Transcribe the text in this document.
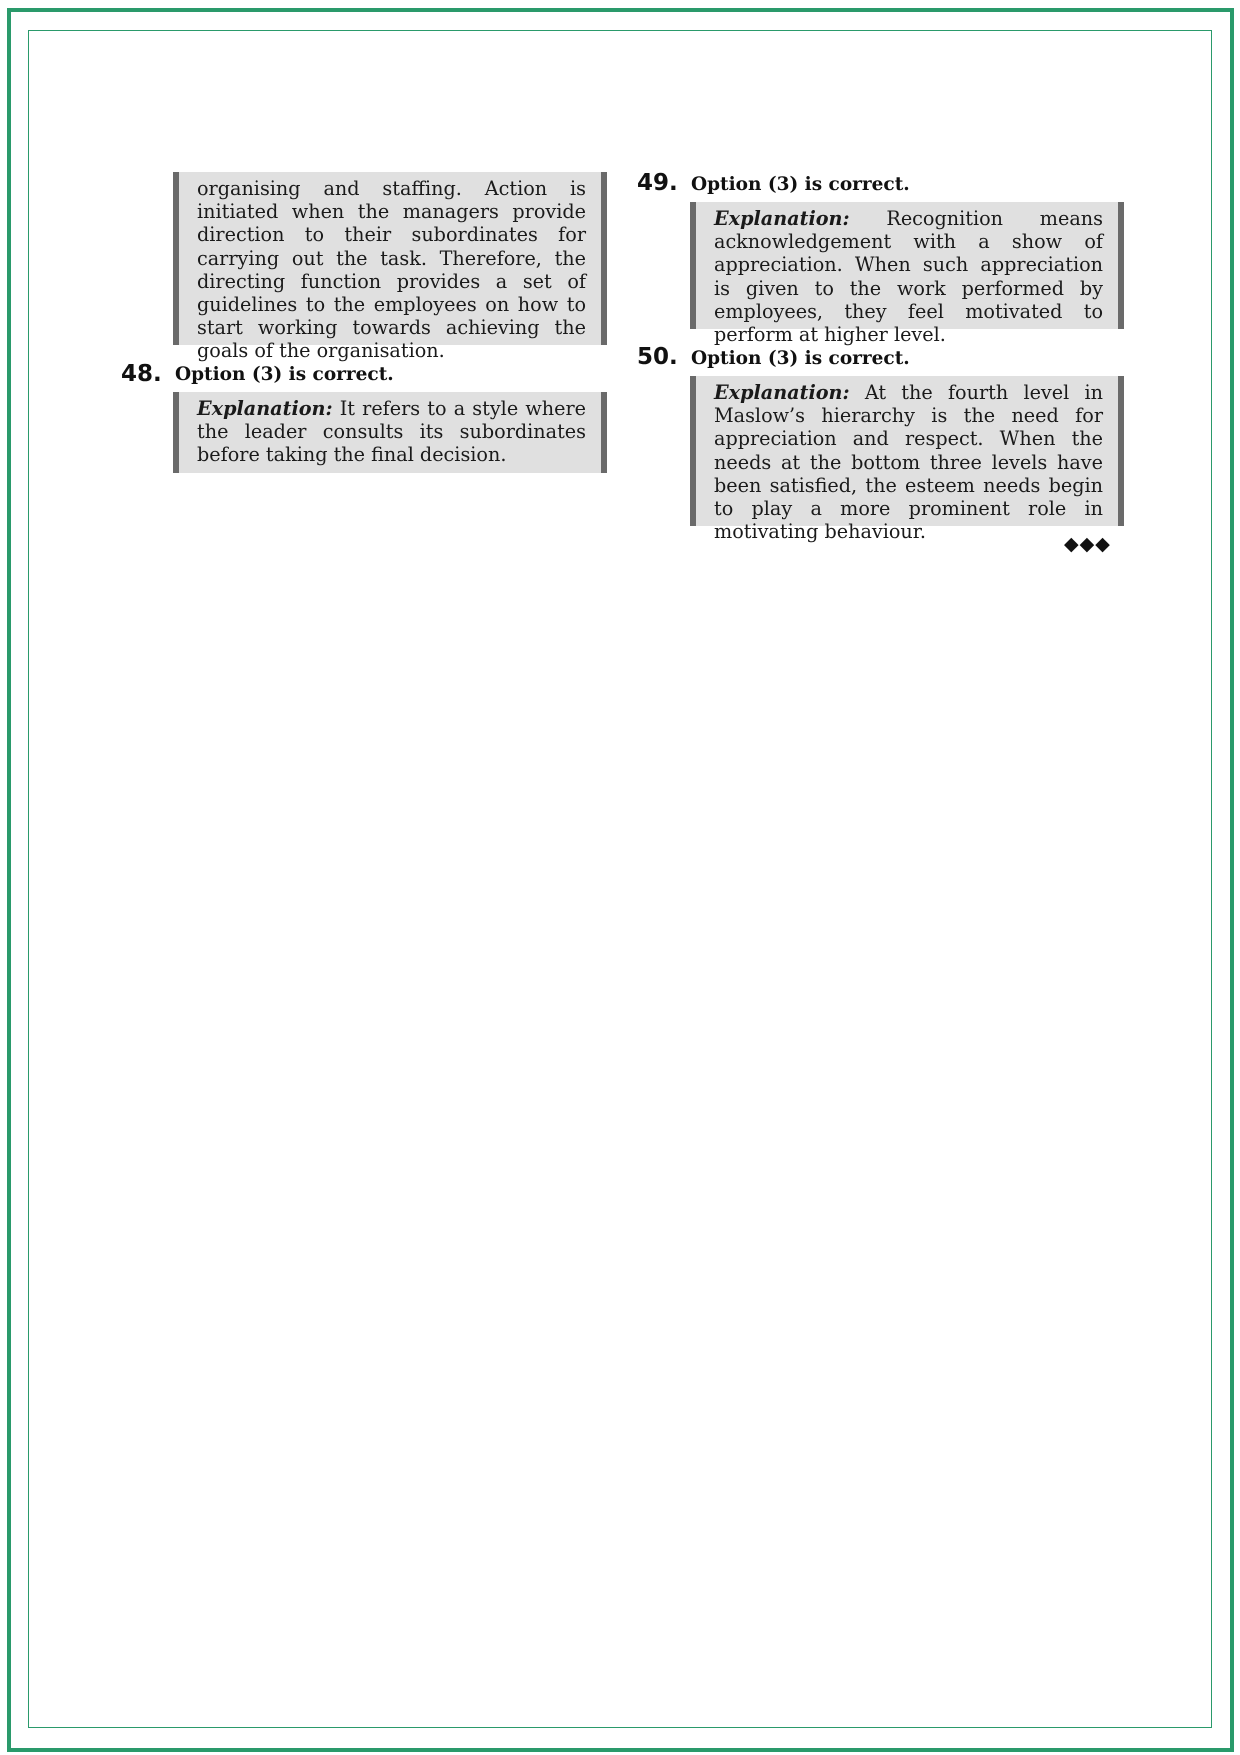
organising and staffing. Action is initiated when the managers provide direction to their subordinates for carrying out the task. Therefore, the directing function provides a set of guidelines to the employees on how to start working towards achieving the goals of the organisation.
48. Option (3) is correct.
Explanation: It refers to a style where the leader consults its subordinates before taking the final decision.
49. Option (3) is correct.
Explanation: Recognition means acknowledgement with a show of appreciation. When such appreciation is given to the work performed by employees, they feel motivated to perform at higher level.
50. Option (3) is correct.
Explanation: At the fourth level in Maslow’s hierarchy is the need for appreciation and respect. When the needs at the bottom three levels have been satisfied, the esteem needs begin to play a more prominent role in motivating behaviour.
◆◆◆
